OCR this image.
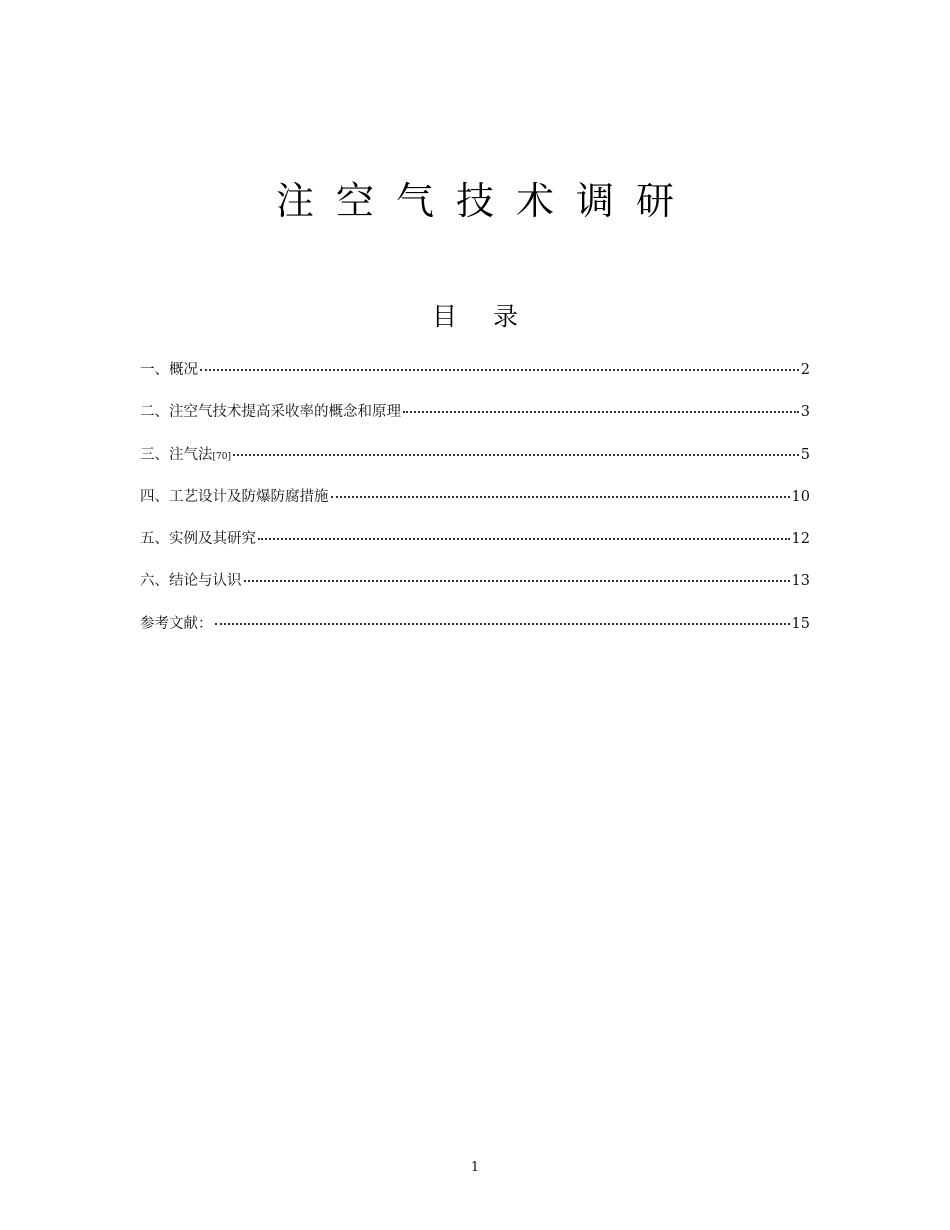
注空气技术调研
目录
一、概况	2
二、注空气技术提高采收率的概念和原理	3
三、注气法[70]	5
四、工艺设计及防爆防腐措施	10
五、实例及其研究	12
六、结论与认识	13
参考文献：	15
1
